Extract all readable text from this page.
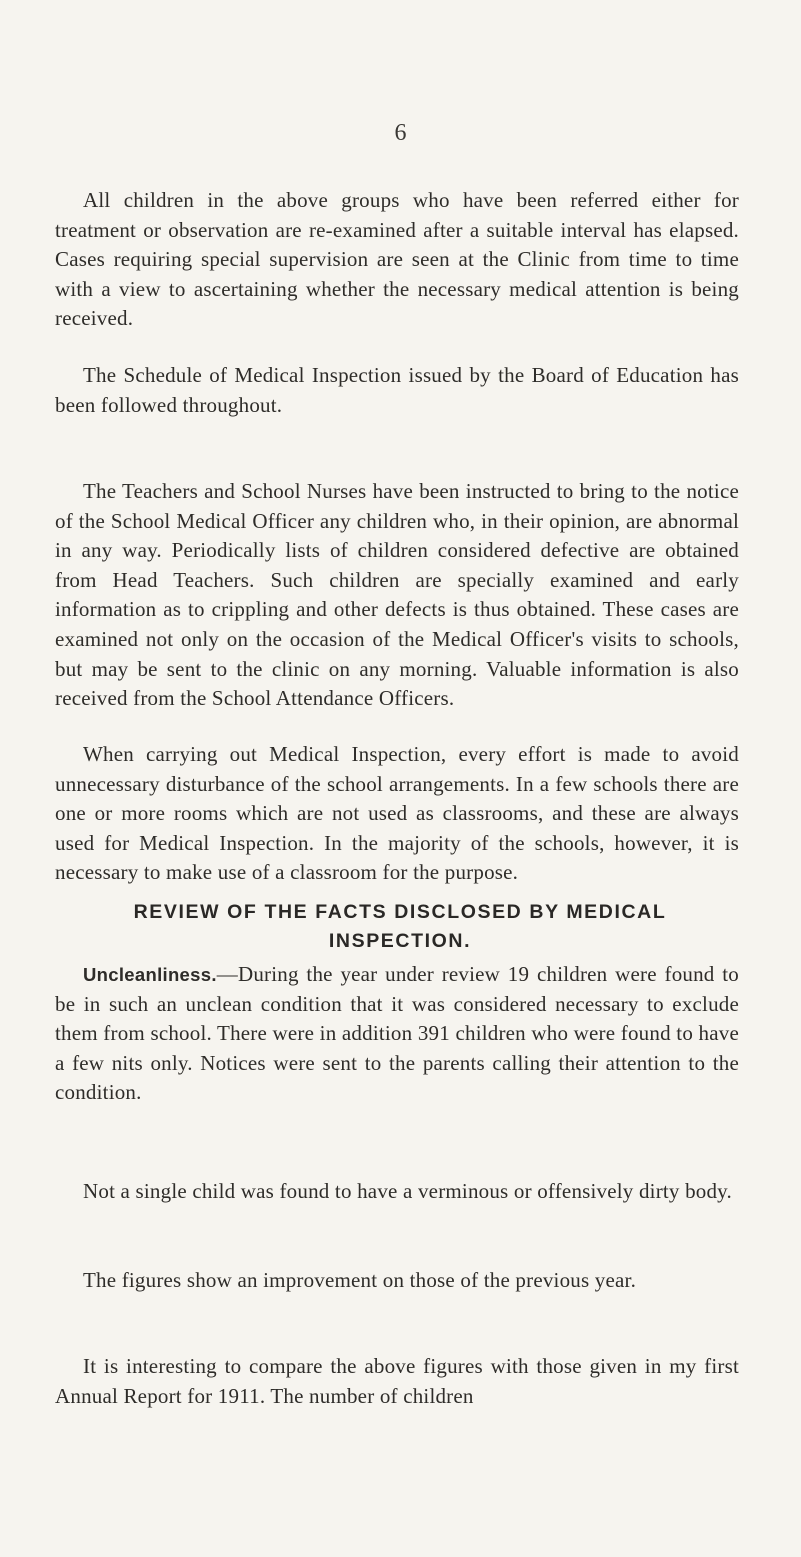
6

All children in the above groups who have been referred either for treatment or observation are re-examined after a suitable interval has elapsed. Cases requiring special supervision are seen at the Clinic from time to time with a view to ascertaining whether the necessary medical attention is being received.

The Schedule of Medical Inspection issued by the Board of Education has been followed throughout.

The Teachers and School Nurses have been instructed to bring to the notice of the School Medical Officer any children who, in their opinion, are abnormal in any way. Periodically lists of children considered defective are obtained from Head Teachers. Such children are specially examined and early information as to crippling and other defects is thus obtained. These cases are examined not only on the occasion of the Medical Officer's visits to schools, but may be sent to the clinic on any morning. Valuable information is also received from the School Attendance Officers.

When carrying out Medical Inspection, every effort is made to avoid unnecessary disturbance of the school arrangements. In a few schools there are one or more rooms which are not used as classrooms, and these are always used for Medical Inspection. In the majority of the schools, however, it is necessary to make use of a classroom for the purpose.

REVIEW OF THE FACTS DISCLOSED BY MEDICAL
INSPECTION.

Uncleanliness.—During the year under review 19 children were found to be in such an unclean condition that it was considered necessary to exclude them from school. There were in addition 391 children who were found to have a few nits only. Notices were sent to the parents calling their attention to the condition.

Not a single child was found to have a verminous or offensively dirty body.

The figures show an improvement on those of the previous year.

It is interesting to compare the above figures with those given in my first Annual Report for 1911. The number of children
